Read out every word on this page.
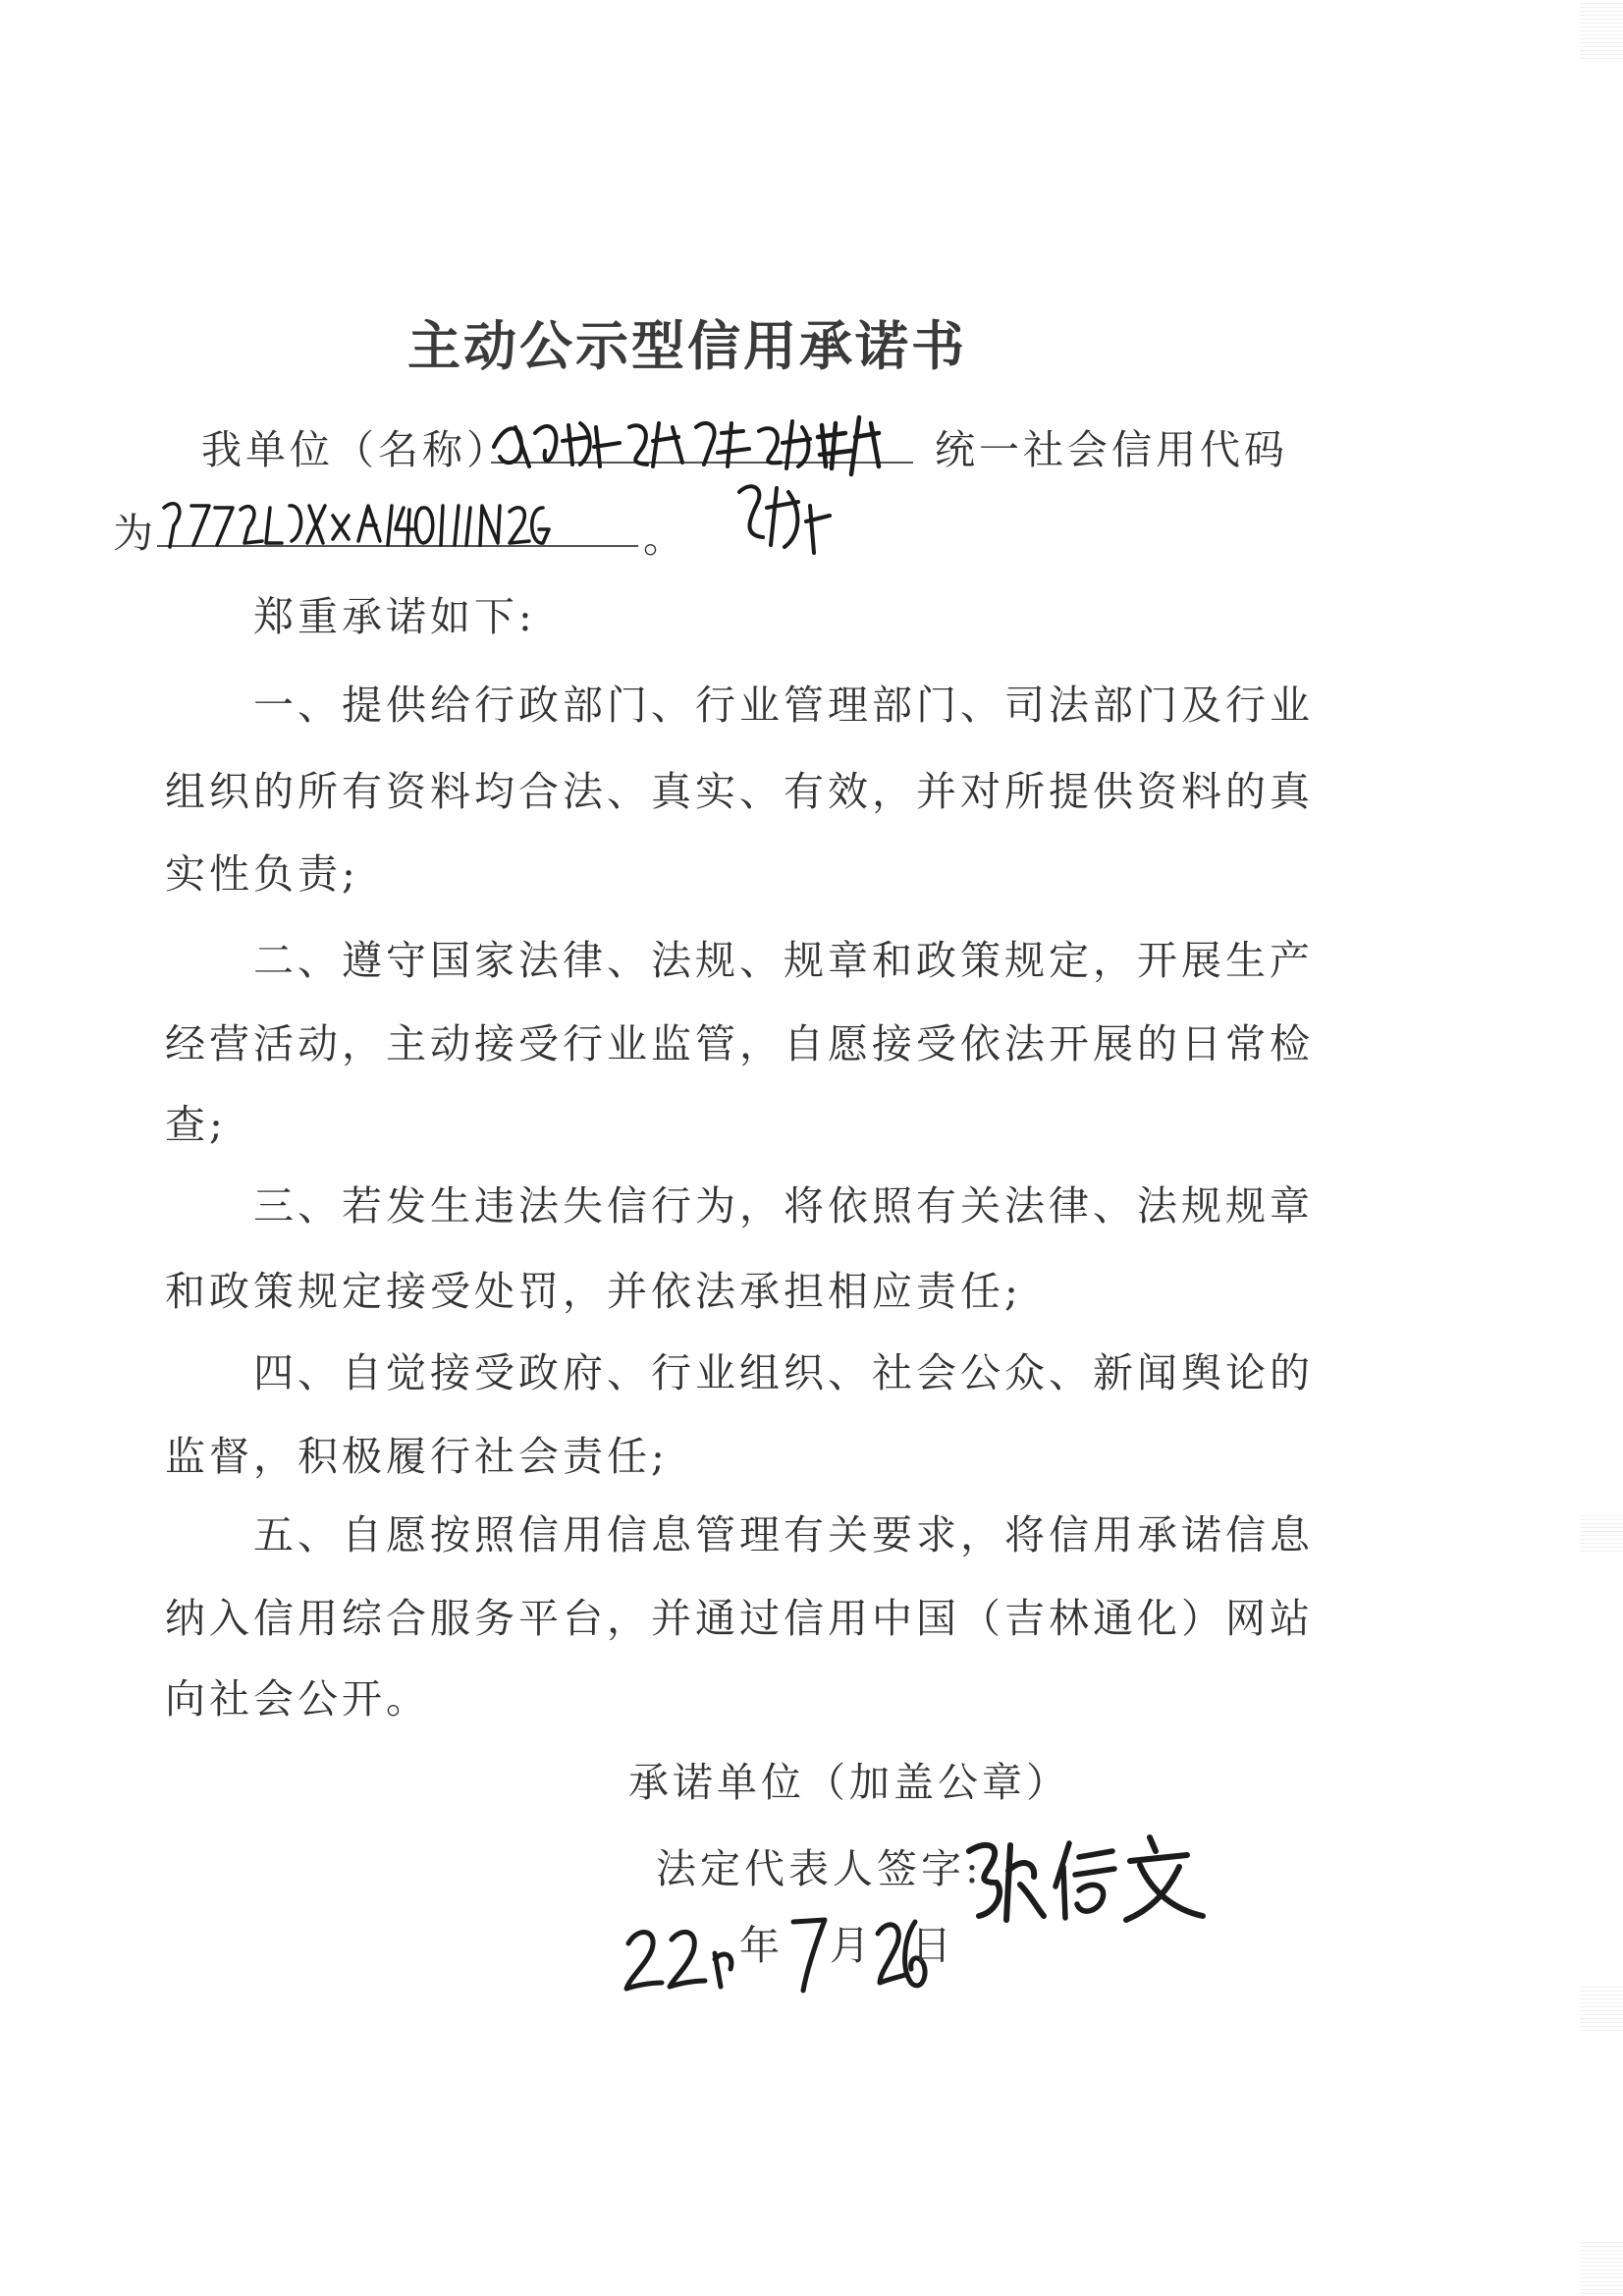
主动公示型信用承诺书
我单位（名称）	统一社会信用代码
为	。
郑重承诺如下:
一、提供给行政部门、行业管理部门、司法部门及行业
组织的所有资料均合法、真实、有效，并对所提供资料的真
实性负责;
二、遵守国家法律、法规、规章和政策规定，开展生产
经营活动，主动接受行业监管，自愿接受依法开展的日常检
查;
三、若发生违法失信行为，将依照有关法律、法规规章
和政策规定接受处罚，并依法承担相应责任;
四、自觉接受政府、行业组织、社会公众、新闻舆论的
监督，积极履行社会责任;
五、自愿按照信用信息管理有关要求，将信用承诺信息
纳入信用综合服务平台，并通过信用中国（吉林通化）网站
向社会公开。
承诺单位（加盖公章）
法定代表人签字:
年 月 日
